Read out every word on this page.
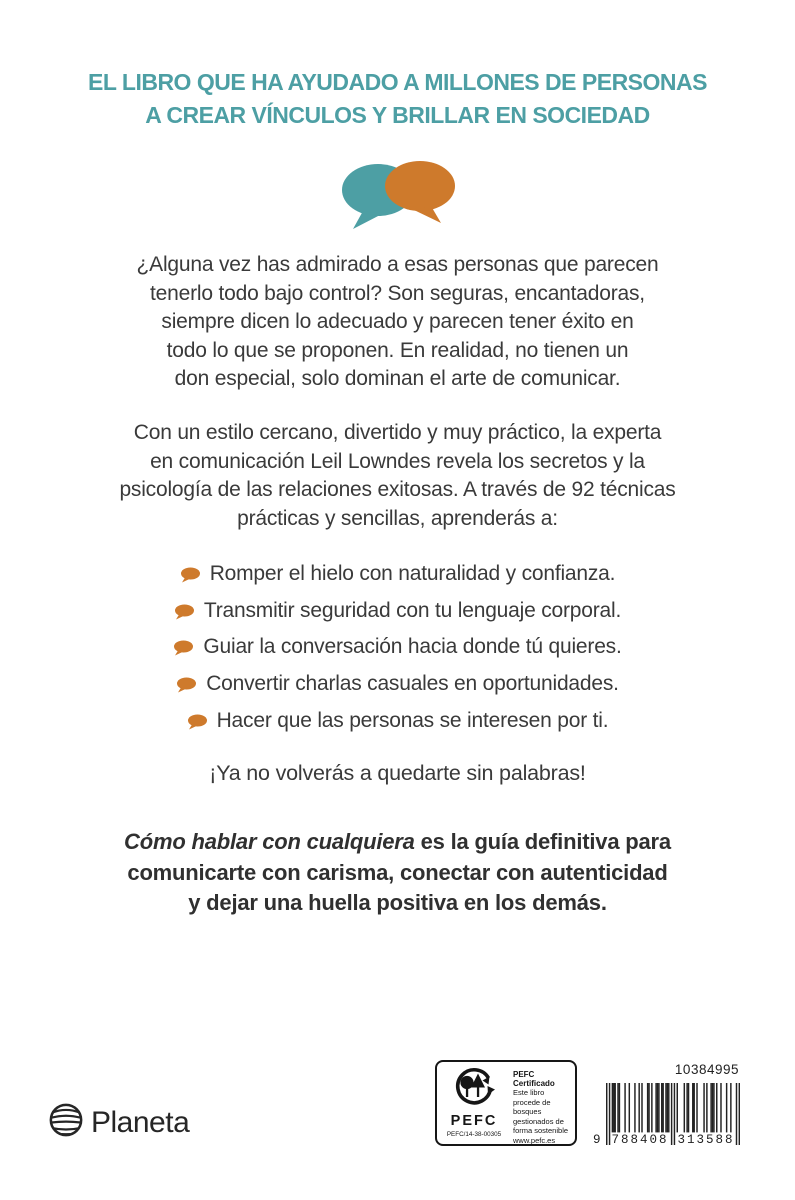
EL LIBRO QUE HA AYUDADO A MILLONES DE PERSONAS
A CREAR VÍNCULOS Y BRILLAR EN SOCIEDAD
¿Alguna vez has admirado a esas personas que parecen
tenerlo todo bajo control? Son seguras, encantadoras,
siempre dicen lo adecuado y parecen tener éxito en
todo lo que se proponen. En realidad, no tienen un
don especial, solo dominan el arte de comunicar.
Con un estilo cercano, divertido y muy práctico, la experta
en comunicación Leil Lowndes revela los secretos y la
psicología de las relaciones exitosas. A través de 92 técnicas
prácticas y sencillas, aprenderás a:
Romper el hielo con naturalidad y confianza.
Transmitir seguridad con tu lenguaje corporal.
Guiar la conversación hacia donde tú quieres.
Convertir charlas casuales en oportunidades.
Hacer que las personas se interesen por ti.
¡Ya no volverás a quedarte sin palabras!
Cómo hablar con cualquiera es la guía definitiva para
comunicarte con carisma, conectar con autenticidad
y dejar una huella positiva en los demás.
Planeta	PEFC
PEFC/14-38-00305
PEFC Certificado
Este libro procede de bosques gestionados de forma sostenible
www.pefc.es
10384995
9 788408 313588
